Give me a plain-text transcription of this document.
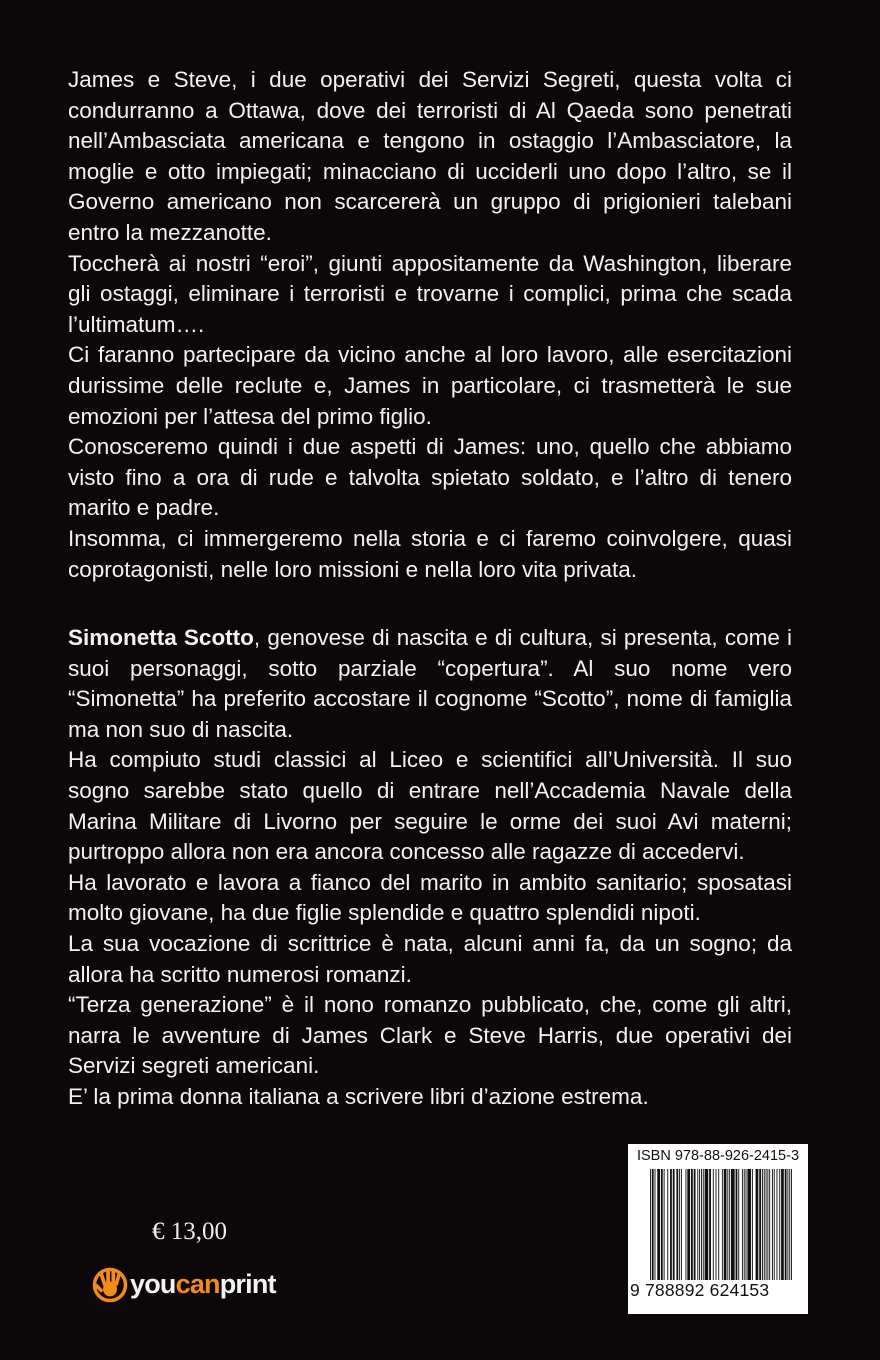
James e Steve, i due operativi dei Servizi Segreti, questa volta ci condurranno a Ottawa, dove dei terroristi di Al Qaeda sono penetrati nell’Ambasciata americana e tengono in ostaggio l’Ambasciatore, la moglie e otto impiegati; minacciano di ucciderli uno dopo l’altro, se il Governo americano non scarcererà un gruppo di prigionieri talebani entro la mezzanotte.

Toccherà ai nostri “eroi”, giunti appositamente da Washington, liberare gli ostaggi, eliminare i terroristi e trovarne i complici, prima che scada l’ultimatum….

Ci faranno partecipare da vicino anche al loro lavoro, alle esercitazioni durissime delle reclute e, James in particolare, ci trasmetterà le sue emozioni per l’attesa del primo figlio.

Conosceremo quindi i due aspetti di James: uno, quello che abbiamo visto fino a ora di rude e talvolta spietato soldato, e l’altro di tenero marito e padre.

Insomma, ci immergeremo nella storia e ci faremo coinvolgere, quasi coprotagonisti, nelle loro missioni e nella loro vita privata.

Simonetta Scotto, genovese di nascita e di cultura, si presenta, come i suoi personaggi, sotto parziale “copertura”. Al suo nome vero “Simonetta” ha preferito accostare il cognome “Scotto”, nome di famiglia ma non suo di nascita.

Ha compiuto studi classici al Liceo e scientifici all’Università. Il suo sogno sarebbe stato quello di entrare nell’Accademia Navale della Marina Militare di Livorno per seguire le orme dei suoi Avi materni; purtroppo allora non era ancora concesso alle ragazze di accedervi.

Ha lavorato e lavora a fianco del marito in ambito sanitario; sposatasi molto giovane, ha due figlie splendide e quattro splendidi nipoti.

La sua vocazione di scrittrice è nata, alcuni anni fa, da un sogno; da allora ha scritto numerosi romanzi.

“Terza generazione” è il nono romanzo pubblicato, che, come gli altri, narra le avventure di James Clark e Steve Harris, due operativi dei Servizi segreti americani.

E’ la prima donna italiana a scrivere libri d’azione estrema.

€ 13,00
youcanprint
ISBN 978-88-926-2415-3
9 788892 624153
